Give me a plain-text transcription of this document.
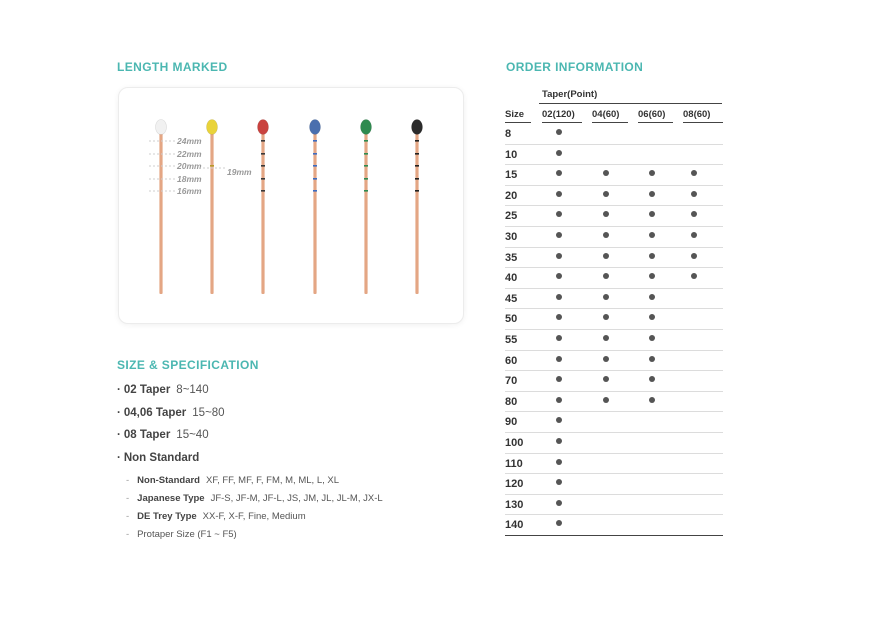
LENGTH MARKED	ORDER INFORMATION
SIZE & SPECIFICATION
24mm
22mm
20mm
18mm
16mm
19mm
· 02 Taper 8~140
· 04,06 Taper 15~80
· 08 Taper 15~40
· Non Standard
- Non-Standard XF, FF, MF, F, FM, M, ML, L, XL
- Japanese Type JF-S, JF-M, JF-L, JS, JM, JL, JL-M, JX-L
- DE Trey Type XX-F, X-F, Fine, Medium
- Protaper Size (F1 ~ F5)
Taper(Point)
Size 02(120) 04(60) 06(60) 08(60)
8
10
15
20
25
30
35
40
45
50
55
60
70
80
90
100
110
120
130
140
